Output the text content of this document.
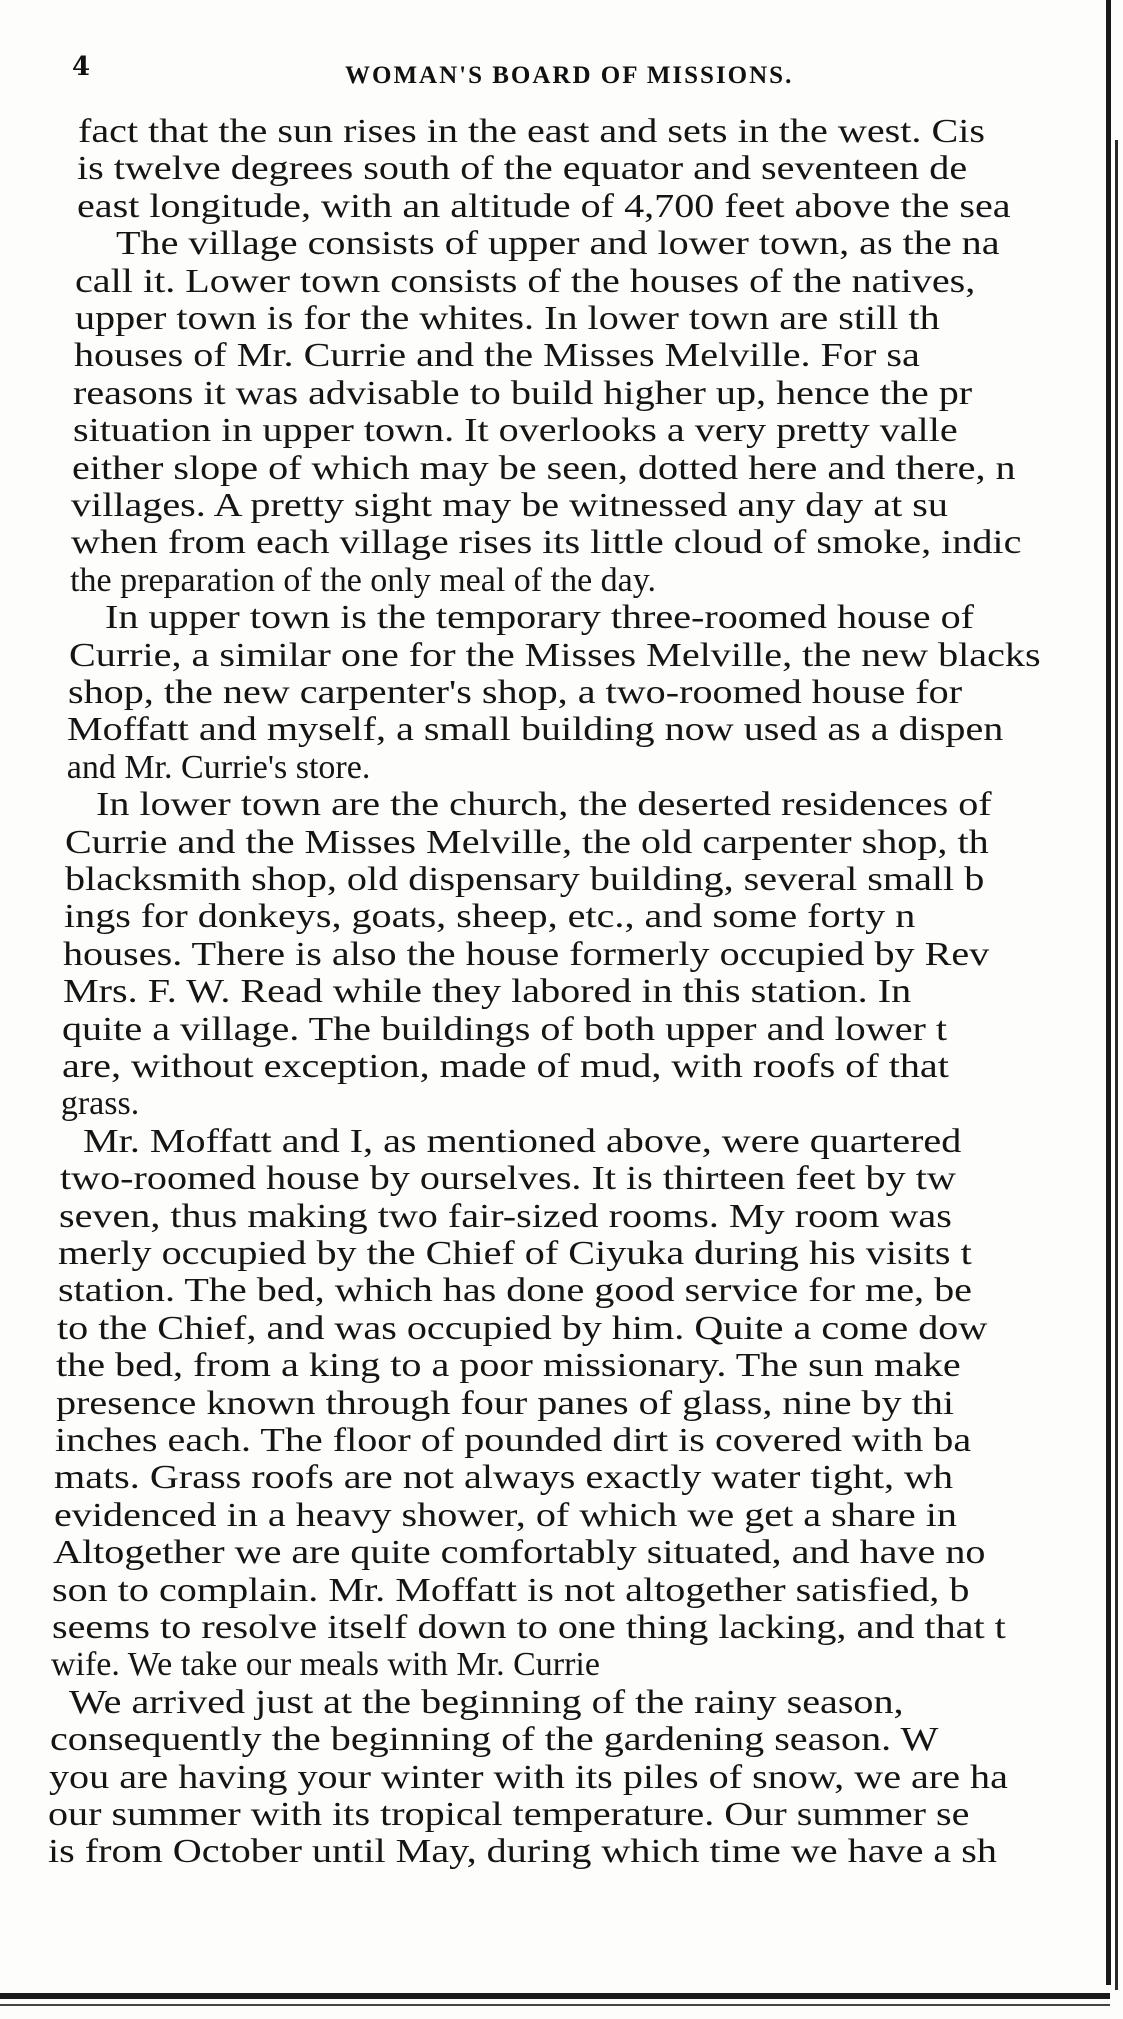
4	WOMAN'S BOARD OF MISSIONS.
fact that the sun rises in the east and sets in the west. Cis
is twelve degrees south of the equator and seventeen de
east longitude, with an altitude of 4,700 feet above the sea
The village consists of upper and lower town, as the na
call it. Lower town consists of the houses of the natives,
upper town is for the whites. In lower town are still th
houses of Mr. Currie and the Misses Melville. For sa
reasons it was advisable to build higher up, hence the pr
situation in upper town. It overlooks a very pretty valle
either slope of which may be seen, dotted here and there, n
villages. A pretty sight may be witnessed any day at su
when from each village rises its little cloud of smoke, indic
the preparation of the only meal of the day.
In upper town is the temporary three-roomed house of
Currie, a similar one for the Misses Melville, the new blacks
shop, the new carpenter's shop, a two-roomed house for
Moffatt and myself, a small building now used as a dispen
and Mr. Currie's store.
In lower town are the church, the deserted residences of
Currie and the Misses Melville, the old carpenter shop, th
blacksmith shop, old dispensary building, several small b
ings for donkeys, goats, sheep, etc., and some forty n
houses. There is also the house formerly occupied by Rev
Mrs. F. W. Read while they labored in this station. In
quite a village. The buildings of both upper and lower t
are, without exception, made of mud, with roofs of that
grass.
Mr. Moffatt and I, as mentioned above, were quartered
two-roomed house by ourselves. It is thirteen feet by tw
seven, thus making two fair-sized rooms. My room was
merly occupied by the Chief of Ciyuka during his visits t
station. The bed, which has done good service for me, be
to the Chief, and was occupied by him. Quite a come dow
the bed, from a king to a poor missionary. The sun make
presence known through four panes of glass, nine by thi
inches each. The floor of pounded dirt is covered with ba
mats. Grass roofs are not always exactly water tight, wh
evidenced in a heavy shower, of which we get a share in
Altogether we are quite comfortably situated, and have no
son to complain. Mr. Moffatt is not altogether satisfied, b
seems to resolve itself down to one thing lacking, and that t
wife. We take our meals with Mr. Currie
We arrived just at the beginning of the rainy season,
consequently the beginning of the gardening season. W
you are having your winter with its piles of snow, we are ha
our summer with its tropical temperature. Our summer se
is from October until May, during which time we have a sh
